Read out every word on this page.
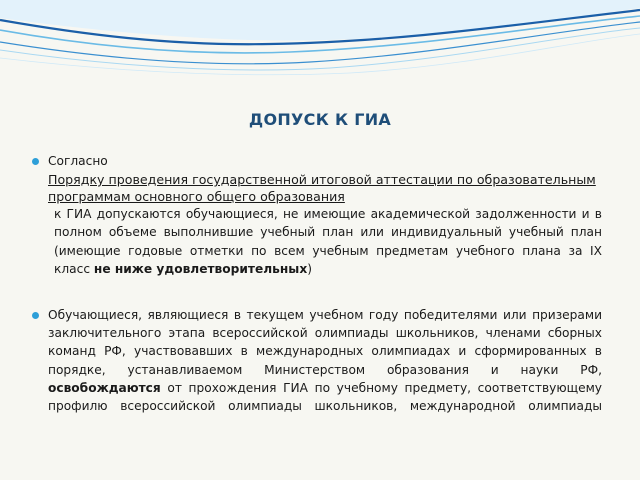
ДОПУСК К ГИА
Согласно
Порядку проведения государственной итоговой аттестации по образовательным программам основного общего образования
к ГИА допускаются обучающиеся, не имеющие академической задолженности и в полном объеме выполнившие учебный план или индивидуальный учебный план (имеющие годовые отметки по всем учебным предметам учебного плана за IX класс не ниже удовлетворительных)
Обучающиеся, являющиеся в текущем учебном году победителями или призерами заключительного этапа всероссийской олимпиады школьников, членами сборных команд РФ, участвовавших в международных олимпиадах и сформированных в порядке, устанавливаемом Министерством образования и науки РФ, освобождаются от прохождения ГИА по учебному предмету, соответствующему профилю всероссийской олимпиады школьников, международной олимпиады
